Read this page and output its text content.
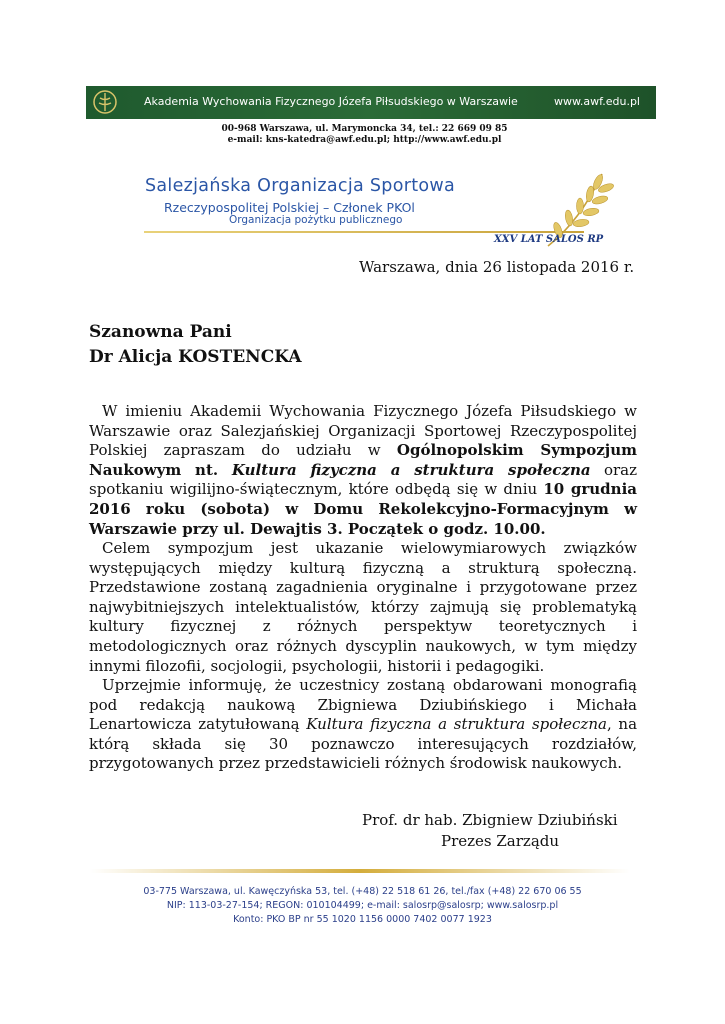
Akademia Wychowania Fizycznego Józefa Piłsudskiego w Warszawie	www.awf.edu.pl
00-968 Warszawa, ul. Marymoncka 34, tel.: 22 669 09 85
e-mail: kns-katedra@awf.edu.pl; http://www.awf.edu.pl
Salezjańska Organizacja Sportowa
Rzeczypospolitej Polskiej – Członek PKOl
Organizacja pożytku publicznego
XXV LAT SALOS RP
Warszawa, dnia 26 listopada 2016 r.
Szanowna Pani
Dr Alicja KOSTENCKA
W imieniu Akademii Wychowania Fizycznego Józefa Piłsudskiego w Warszawie oraz Salezjańskiej Organizacji Sportowej Rzeczypospolitej Polskiej zapraszam do udziału w Ogólnopolskim Sympozjum Naukowym nt. Kultura fizyczna a struktura społeczna oraz spotkaniu wigilijno-świątecznym, które odbędą się w dniu 10 grudnia 2016 roku (sobota) w Domu Rekolekcyjno-Formacyjnym w Warszawie przy ul. Dewajtis 3. Początek o godz. 10.00.
Celem sympozjum jest ukazanie wielowymiarowych związków występujących między kulturą fizyczną a strukturą społeczną. Przedstawione zostaną zagadnienia oryginalne i przygotowane przez najwybitniejszych intelektualistów, którzy zajmują się problematyką kultury fizycznej z różnych perspektyw teoretycznych i metodologicznych oraz różnych dyscyplin naukowych, w tym między innymi filozofii, socjologii, psychologii, historii i pedagogiki.
Uprzejmie informuję, że uczestnicy zostaną obdarowani monografią pod redakcją naukową Zbigniewa Dziubińskiego i Michała Lenartowicza zatytułowaną Kultura fizyczna a struktura społeczna, na którą składa się 30 poznawczo interesujących rozdziałów, przygotowanych przez przedstawicieli różnych środowisk naukowych.
Prof. dr hab. Zbigniew Dziubiński
Prezes Zarządu
03-775 Warszawa, ul. Kawęczyńska 53, tel. (+48) 22 518 61 26, tel./fax (+48) 22 670 06 55
NIP: 113-03-27-154; REGON: 010104499; e-mail: salosrp@salosrp; www.salosrp.pl
Konto: PKO BP nr 55 1020 1156 0000 7402 0077 1923
